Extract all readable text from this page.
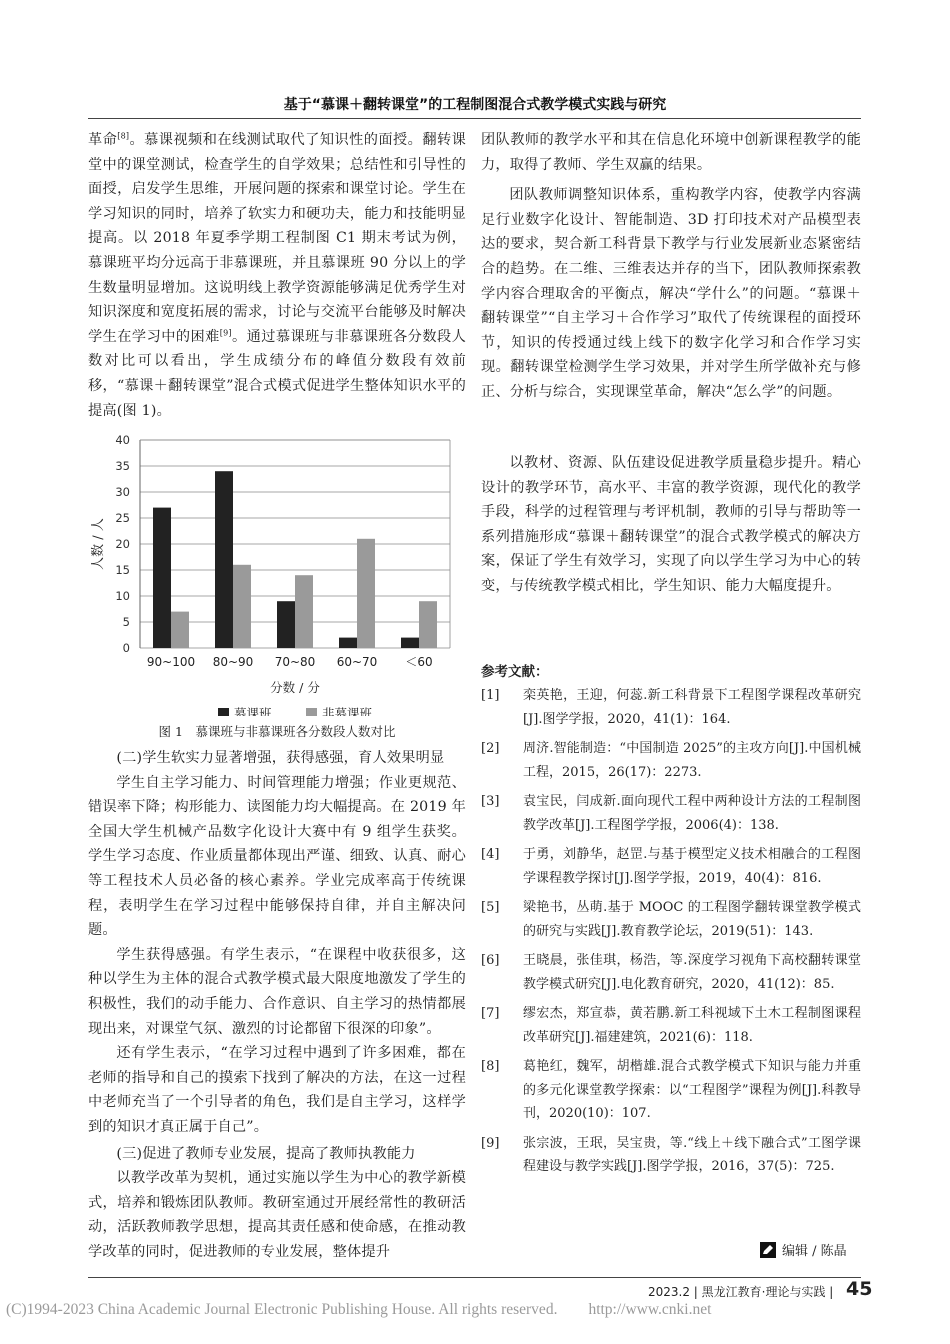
基于“慕课＋翻转课堂”的工程制图混合式教学模式实践与研究

革命[8]。慕课视频和在线测试取代了知识性的面授。翻转课堂中的课堂测试，检查学生的自学效果；总结性和引导性的面授，启发学生思维，开展问题的探索和课堂讨论。学生在学习知识的同时，培养了软实力和硬功夫，能力和技能明显提高。以 2018 年夏季学期工程制图 C1 期末考试为例，慕课班平均分远高于非慕课班，并且慕课班 90 分以上的学生数量明显增加。这说明线上教学资源能够满足优秀学生对知识深度和宽度拓展的需求，讨论与交流平台能够及时解决学生在学习中的困难[9]。通过慕课班与非慕课班各分数段人数对比可以看出，学生成绩分布的峰值分数段有效前移，“慕课＋翻转课堂”混合式模式促进学生整体知识水平的提高(图 1)。

0
5
10
15
20
25
30
35
40
人数 / 人
90~100 80~90 70~80 60~70 ＜60
分数 / 分
慕课班	非慕课班
图 1　慕课班与非慕课班各分数段人数对比

(二)学生软实力显著增强，获得感强，育人效果明显

学生自主学习能力、时间管理能力增强；作业更规范、错误率下降；构形能力、读图能力均大幅提高。在 2019 年全国大学生机械产品数字化设计大赛中有 9 组学生获奖。学生学习态度、作业质量都体现出严谨、细致、认真、耐心等工程技术人员必备的核心素养。学业完成率高于传统课程，表明学生在学习过程中能够保持自律，并自主解决问题。

学生获得感强。有学生表示，“在课程中收获很多，这种以学生为主体的混合式教学模式最大限度地激发了学生的积极性，我们的动手能力、合作意识、自主学习的热情都展现出来，对课堂气氛、激烈的讨论都留下很深的印象”。

还有学生表示，“在学习过程中遇到了许多困难，都在老师的指导和自己的摸索下找到了解决的方法，在这一过程中老师充当了一个引导者的角色，我们是自主学习，这样学到的知识才真正属于自己”。

(三)促进了教师专业发展，提高了教师执教能力

以教学改革为契机，通过实施以学生为中心的教学新模式，培养和锻炼团队教师。教研室通过开展经常性的教研活动，活跃教师教学思想，提高其责任感和使命感，在推动教学改革的同时，促进教师的专业发展，整体提升

团队教师的教学水平和其在信息化环境中创新课程教学的能力，取得了教师、学生双赢的结果。

团队教师调整知识体系，重构教学内容，使教学内容满足行业数字化设计、智能制造、3D 打印技术对产品模型表达的要求，契合新工科背景下教学与行业发展新业态紧密结合的趋势。在二维、三维表达并存的当下，团队教师探索教学内容合理取舍的平衡点，解决“学什么”的问题。“慕课＋翻转课堂”“自主学习＋合作学习”取代了传统课程的面授环节，知识的传授通过线上线下的数字化学习和合作学习实现。翻转课堂检测学生学习效果，并对学生所学做补充与修正、分析与综合，实现课堂革命，解决“怎么学”的问题。

以教材、资源、队伍建设促进教学质量稳步提升。精心设计的教学环节，高水平、丰富的教学资源，现代化的教学手段，科学的过程管理与考评机制，教师的引导与帮助等一系列措施形成“慕课＋翻转课堂”的混合式教学模式的解决方案，保证了学生有效学习，实现了向以学生学习为中心的转变，与传统教学模式相比，学生知识、能力大幅度提升。

参考文献：
[1] 栾英艳，王迎，何蕊.新工科背景下工程图学课程改革研究[J].图学学报，2020，41(1)：164.
[2] 周济.智能制造：“中国制造 2025”的主攻方向[J].中国机械工程，2015，26(17)：2273.
[3] 袁宝民，闫成新.面向现代工程中两种设计方法的工程制图教学改革[J].工程图学学报，2006(4)：138.
[4] 于勇，刘静华，赵罡.与基于模型定义技术相融合的工程图学课程教学探讨[J].图学学报，2019，40(4)：816.
[5] 梁艳书，丛萌.基于 MOOC 的工程图学翻转课堂教学模式的研究与实践[J].教育教学论坛，2019(51)：143.
[6] 王晓晨，张佳琪，杨浩，等.深度学习视角下高校翻转课堂教学模式研究[J].电化教育研究，2020，41(12)：85.
[7] 缪宏杰，郑宣恭，黄若鹏.新工科视域下土木工程制图课程改革研究[J].福建建筑，2021(6)：118.
[8] 葛艳红，魏军，胡楷雄.混合式教学模式下知识与能力并重的多元化课堂教学探索：以“工程图学”课程为例[J].科教导刊，2020(10)：107.
[9] 张宗波，王珉，吴宝贵，等.“线上＋线下融合式”工图学课程建设与教学实践[J].图学学报，2016，37(5)：725.
编辑 / 陈晶
2023.2 | 黑龙江教育·理论与实践 | 45
(C)1994-2023 China Academic Journal Electronic Publishing House. All rights reserved.　　http://www.cnki.net
